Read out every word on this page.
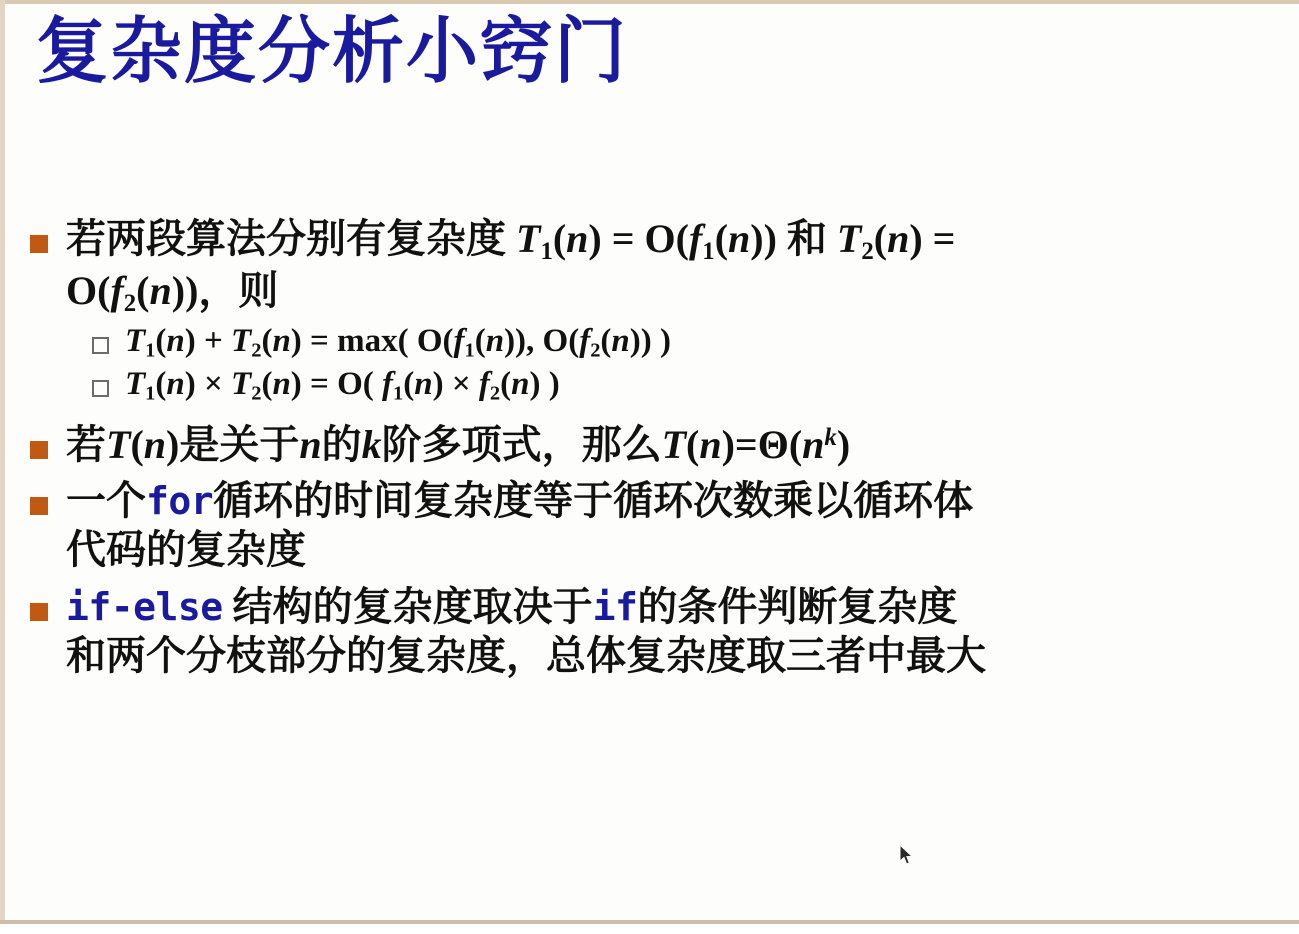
复杂度分析小窍门
若两段算法分别有复杂度 $T_1(n) = O(f_1(n))$ 和 $T_2(n)$ =
$O(f_2(n))$，则
$T_1(n) + T_2(n) = \max$( $O(f_1(n))$, $O(f_2(n))$ )
$T_1(n) \times T_2(n) = O$( $f_1(n) \times f_2(n)$ )
若T(n)是关于n的k阶多项式，那么$T(n)=\Theta(n^k)$
一个for循环的时间复杂度等于循环次数乘以循环体
代码的复杂度
if-else 结构的复杂度取决于if的条件判断复杂度
和两个分枝部分的复杂度，总体复杂度取三者中最大
